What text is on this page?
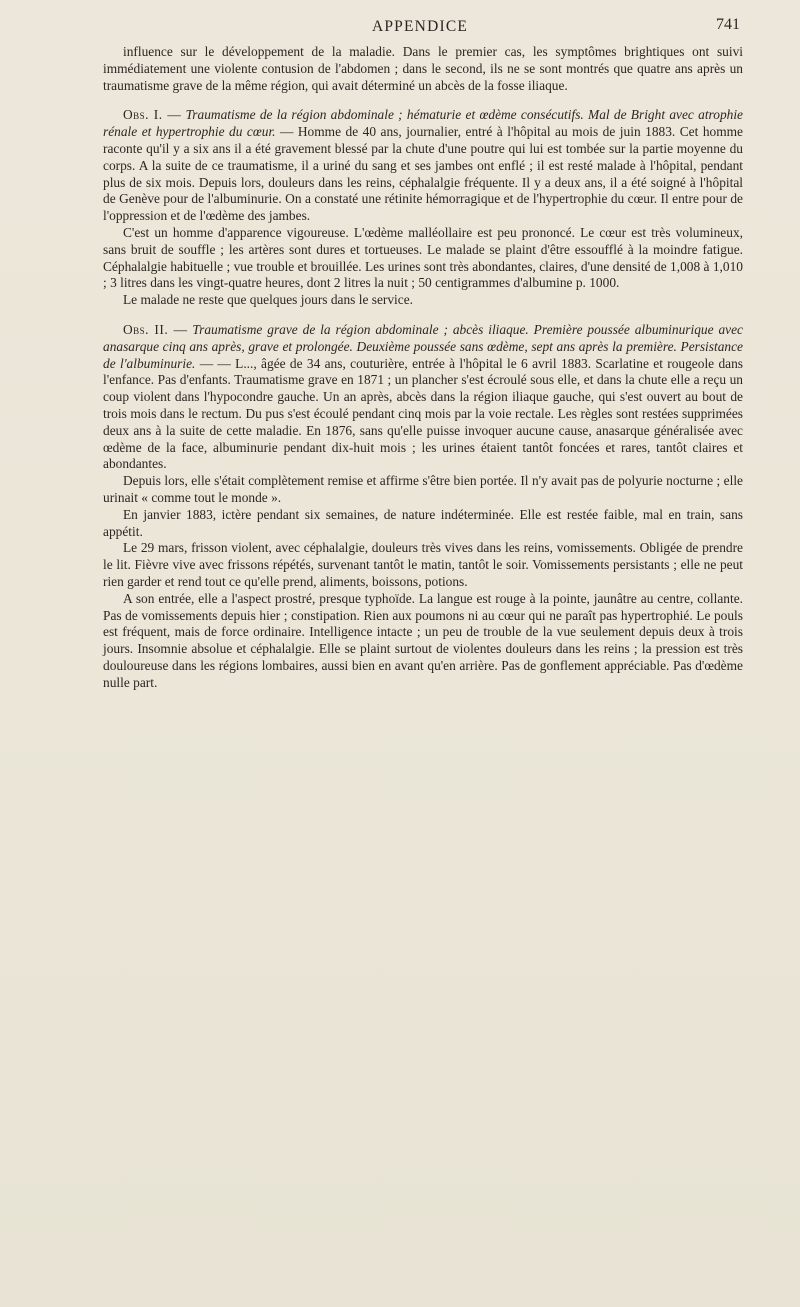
APPENDICE	741

influence sur le développement de la maladie. Dans le premier cas, les symptômes brightiques ont suivi immédiatement une violente contusion de l'abdomen ; dans le second, ils ne se sont montrés que quatre ans après un traumatisme grave de la même région, qui avait déterminé un abcès de la fosse iliaque.

Obs. I. — Traumatisme de la région abdominale ; hématurie et œdème consécutifs. Mal de Bright avec atrophie rénale et hypertrophie du cœur. — Homme de 40 ans, journalier, entré à l'hôpital au mois de juin 1883. Cet homme raconte qu'il y a six ans il a été gravement blessé par la chute d'une poutre qui lui est tombée sur la partie moyenne du corps. A la suite de ce traumatisme, il a uriné du sang et ses jambes ont enflé ; il est resté malade à l'hôpital, pendant plus de six mois. Depuis lors, douleurs dans les reins, céphalalgie fréquente. Il y a deux ans, il a été soigné à l'hôpital de Genève pour de l'albuminurie. On a constaté une rétinite hémorragique et de l'hypertrophie du cœur. Il entre pour de l'oppression et de l'œdème des jambes.

C'est un homme d'apparence vigoureuse. L'œdème malléollaire est peu prononcé. Le cœur est très volumineux, sans bruit de souffle ; les artères sont dures et tortueuses. Le malade se plaint d'être essoufflé à la moindre fatigue. Céphalalgie habituelle ; vue trouble et brouillée. Les urines sont très abondantes, claires, d'une densité de 1,008 à 1,010 ; 3 litres dans les vingt-quatre heures, dont 2 litres la nuit ; 50 centigrammes d'albumine p. 1000.

Le malade ne reste que quelques jours dans le service.

Obs. II. — Traumatisme grave de la région abdominale ; abcès iliaque. Première poussée albuminurique avec anasarque cinq ans après, grave et prolongée. Deuxième poussée sans œdème, sept ans après la première. Persistance de l'albuminurie. — — L..., âgée de 34 ans, couturière, entrée à l'hôpital le 6 avril 1883. Scarlatine et rougeole dans l'enfance. Pas d'enfants. Traumatisme grave en 1871 ; un plancher s'est écroulé sous elle, et dans la chute elle a reçu un coup violent dans l'hypocondre gauche. Un an après, abcès dans la région iliaque gauche, qui s'est ouvert au bout de trois mois dans le rectum. Du pus s'est écoulé pendant cinq mois par la voie rectale. Les règles sont restées supprimées deux ans à la suite de cette maladie. En 1876, sans qu'elle puisse invoquer aucune cause, anasarque généralisée avec œdème de la face, albuminurie pendant dix-huit mois ; les urines étaient tantôt foncées et rares, tantôt claires et abondantes.

Depuis lors, elle s'était complètement remise et affirme s'être bien portée. Il n'y avait pas de polyurie nocturne ; elle urinait « comme tout le monde ».

En janvier 1883, ictère pendant six semaines, de nature indéterminée. Elle est restée faible, mal en train, sans appétit.

Le 29 mars, frisson violent, avec céphalalgie, douleurs très vives dans les reins, vomissements. Obligée de prendre le lit. Fièvre vive avec frissons répétés, survenant tantôt le matin, tantôt le soir. Vomissements persistants ; elle ne peut rien garder et rend tout ce qu'elle prend, aliments, boissons, potions.

A son entrée, elle a l'aspect prostré, presque typhoïde. La langue est rouge à la pointe, jaunâtre au centre, collante. Pas de vomissements depuis hier ; constipation. Rien aux poumons ni au cœur qui ne paraît pas hypertrophié. Le pouls est fréquent, mais de force ordinaire. Intelligence intacte ; un peu de trouble de la vue seulement depuis deux à trois jours. Insomnie absolue et céphalalgie. Elle se plaint surtout de violentes douleurs dans les reins ; la pression est très douloureuse dans les régions lombaires, aussi bien en avant qu'en arrière. Pas de gonflement appréciable. Pas d'œdème nulle part.
